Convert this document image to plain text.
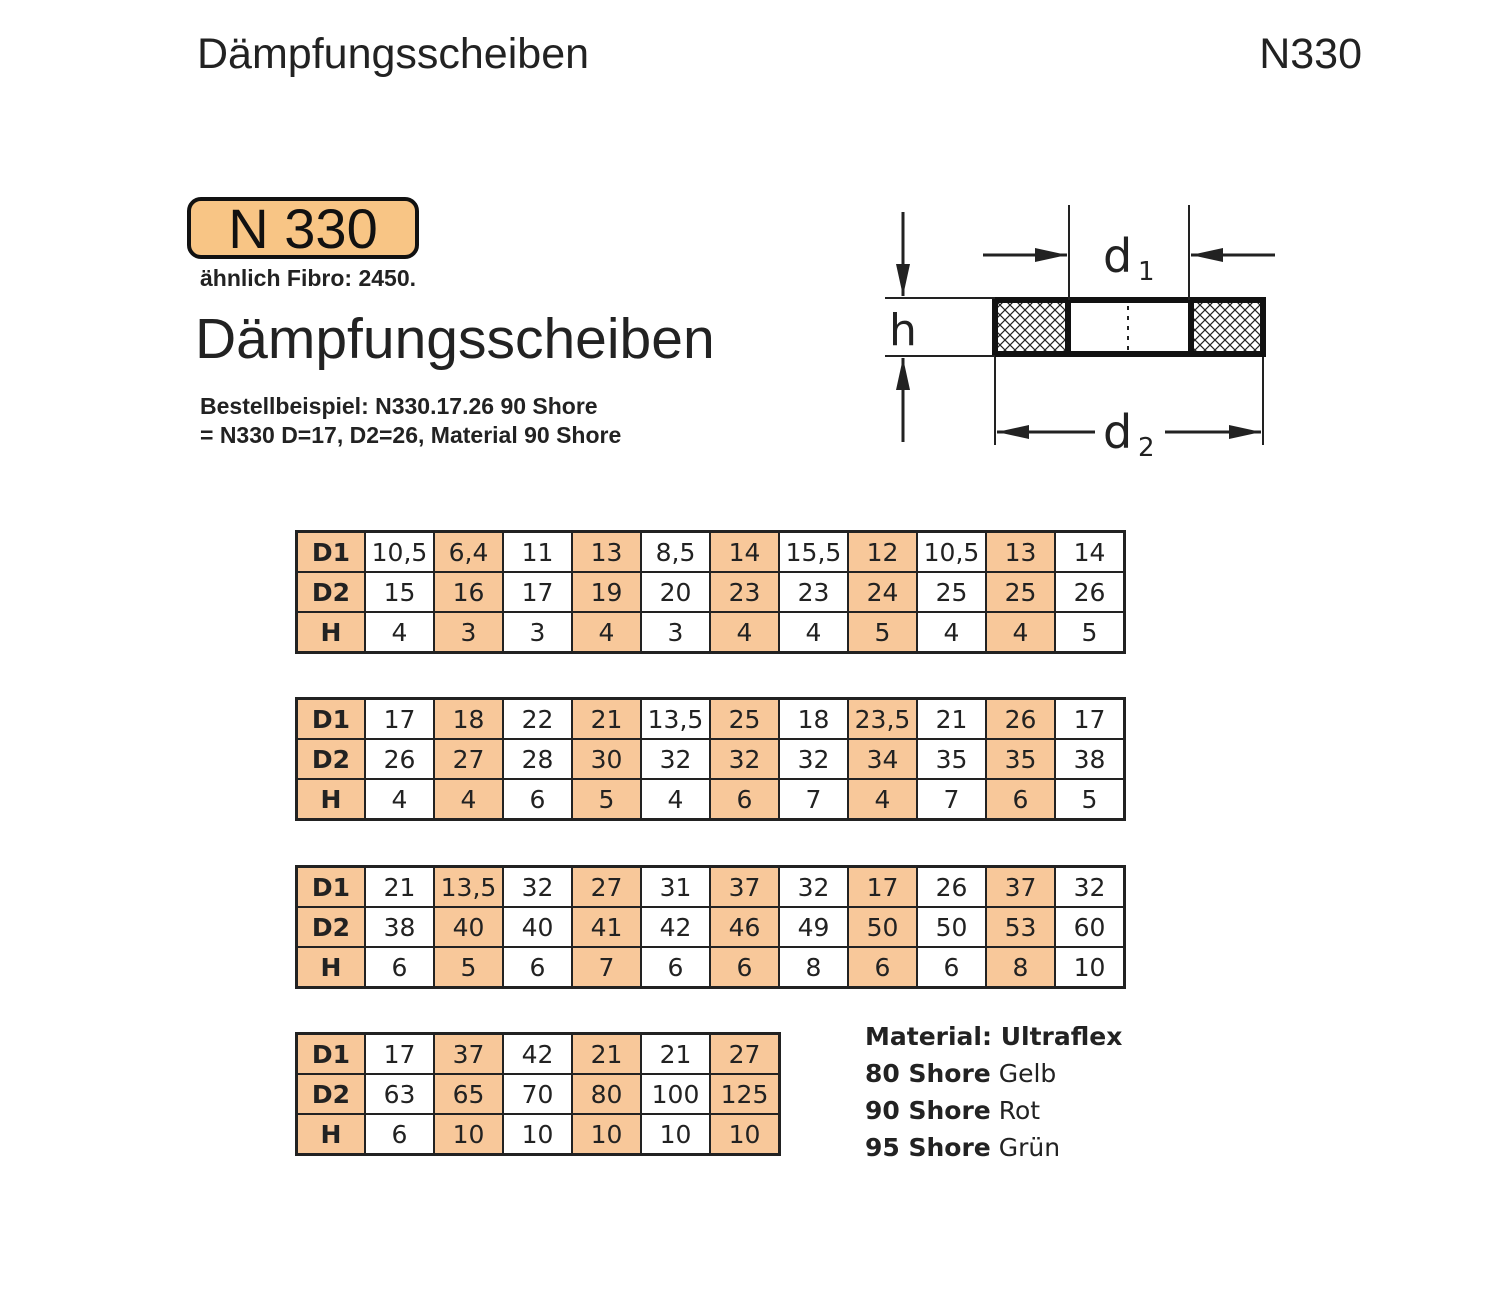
Dämpfungsscheiben	N330
N 330
ähnlich Fibro: 2450.
Dämpfungsscheiben
Bestellbeispiel: N330.17.26 90 Shore
= N330 D=17, D2=26, Material 90 Shore
d 1
h
d 2
D1	10,5	6,4	11	13	8,5	14	15,5	12	10,5	13	14
D2	15	16	17	19	20	23	23	24	25	25	26
H	4	3	3	4	3	4	4	5	4	4	5
D1	17	18	22	21	13,5	25	18	23,5	21	26	17
D2	26	27	28	30	32	32	32	34	35	35	38
H	4	4	6	5	4	6	7	4	7	6	5
D1	21	13,5	32	27	31	37	32	17	26	37	32
D2	38	40	40	41	42	46	49	50	50	53	60
H	6	5	6	7	6	6	8	6	6	8	10
D1	17	37	42	21	21	27
D2	63	65	70	80	100	125
H	6	10	10	10	10	10
Material: Ultraflex
80 Shore Gelb
90 Shore Rot
95 Shore Grün
